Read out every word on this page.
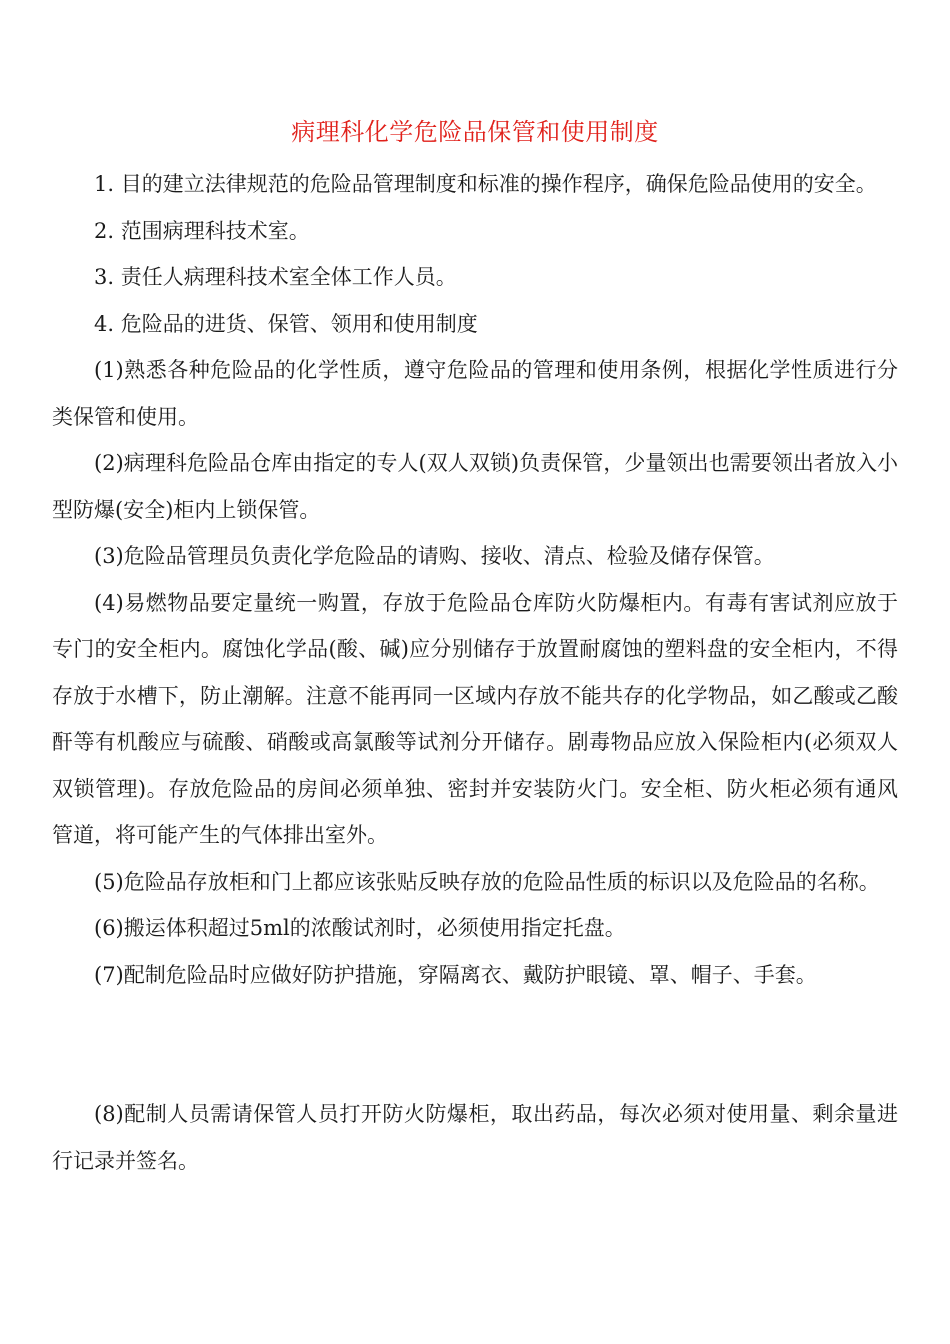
病理科化学危险品保管和使用制度

1. 目的建立法律规范的危险品管理制度和标准的操作程序，确保危险品使用的安全。

2. 范围病理科技术室。

3. 责任人病理科技术室全体工作人员。

4. 危险品的进货、保管、领用和使用制度

(1)熟悉各种危险品的化学性质，遵守危险品的管理和使用条例，根据化学性质进行分类保管和使用。

(2)病理科危险品仓库由指定的专人(双人双锁)负责保管，少量领出也需要领出者放入小型防爆(安全)柜内上锁保管。

(3)危险品管理员负责化学危险品的请购、接收、清点、检验及储存保管。

(4)易燃物品要定量统一购置，存放于危险品仓库防火防爆柜内。有毒有害试剂应放于专门的安全柜内。腐蚀化学品(酸、碱)应分别储存于放置耐腐蚀的塑料盘的安全柜内，不得存放于水槽下，防止潮解。注意不能再同一区域内存放不能共存的化学物品，如乙酸或乙酸酐等有机酸应与硫酸、硝酸或高氯酸等试剂分开储存。剧毒物品应放入保险柜内(必须双人双锁管理)。存放危险品的房间必须单独、密封并安装防火门。安全柜、防火柜必须有通风管道，将可能产生的气体排出室外。

(5)危险品存放柜和门上都应该张贴反映存放的危险品性质的标识以及危险品的名称。

(6)搬运体积超过5ml的浓酸试剂时，必须使用指定托盘。

(7)配制危险品时应做好防护措施，穿隔离衣、戴防护眼镜、罩、帽子、手套。

(8)配制人员需请保管人员打开防火防爆柜，取出药品，每次必须对使用量、剩余量进行记录并签名。
